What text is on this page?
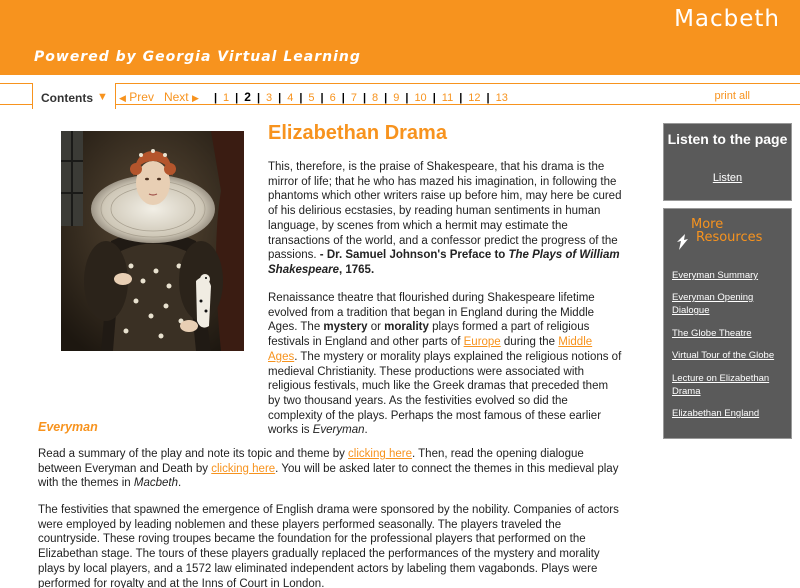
Macbeth
Powered by Georgia Virtual Learning
Contents ▼ ◀ Prev Next ▶ | 1 | 2 | 3 | 4 | 5 | 6 | 7 | 8 | 9 | 10 | 11 | 12 | 13	print all
Elizabethan Drama

This, therefore, is the praise of Shakespeare, that his drama is the mirror of life; that he who has mazed his imagination, in following the phantoms which other writers raise up before him, may here be cured of his delirious ecstasies, by reading human sentiments in human language, by scenes from which a hermit may estimate the transactions of the world, and a confessor predict the progress of the passions. - Dr. Samuel Johnson's Preface to The Plays of William Shakespeare, 1765.

Renaissance theatre that flourished during Shakespeare lifetime evolved from a tradition that began in England during the Middle Ages. The mystery or morality plays formed a part of religious festivals in England and other parts of Europe during the Middle Ages. The mystery or morality plays explained the religious notions of medieval Christianity. These productions were associated with religious festivals, much like the Greek dramas that preceded them by two thousand years. As the festivities evolved so did the complexity of the plays. Perhaps the most famous of these earlier works is Everyman.

Everyman

Read a summary of the play and note its topic and theme by clicking here. Then, read the opening dialogue between Everyman and Death by clicking here. You will be asked later to connect the themes in this medieval play with the themes in Macbeth.

The festivities that spawned the emergence of English drama were sponsored by the nobility. Companies of actors were employed by leading noblemen and these players performed seasonally. The players traveled the countryside. These roving troupes became the foundation for the professional players that performed on the Elizabethan stage. The tours of these players gradually replaced the performances of the mystery and morality plays by local players, and a 1572 law eliminated independent actors by labeling them vagabonds. Plays were performed for royalty and at the Inns of Court in London.

Listen to the page
Listen
More
Resources
Everyman Summary
Everyman Opening Dialogue
The Globe Theatre
Virtual Tour of the Globe
Lecture on Elizabethan Drama
Elizabethan England
